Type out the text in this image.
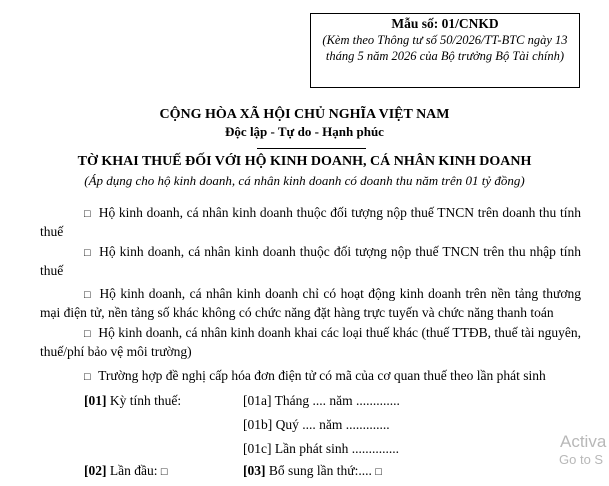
Mẫu số: 01/CNKD
(Kèm theo Thông tư số 50/2026/TT-BTC ngày 13 tháng 5 năm 2026 của Bộ trưởng Bộ Tài chính)
CỘNG HÒA XÃ HỘI CHỦ NGHĨA VIỆT NAM
Độc lập - Tự do - Hạnh phúc
TỜ KHAI THUẾ ĐỐI VỚI HỘ KINH DOANH, CÁ NHÂN KINH DOANH
(Áp dụng cho hộ kinh doanh, cá nhân kinh doanh có doanh thu năm trên 01 tỷ đồng)
□ Hộ kinh doanh, cá nhân kinh doanh thuộc đối tượng nộp thuế TNCN trên doanh thu tính thuế
□ Hộ kinh doanh, cá nhân kinh doanh thuộc đối tượng nộp thuế TNCN trên thu nhập tính thuế
□ Hộ kinh doanh, cá nhân kinh doanh chỉ có hoạt động kinh doanh trên nền tảng thương mại điện tử, nền tảng số khác không có chức năng đặt hàng trực tuyến và chức năng thanh toán
□ Hộ kinh doanh, cá nhân kinh doanh khai các loại thuế khác (thuế TTĐB, thuế tài nguyên, thuế/phí bảo vệ môi trường)
□ Trường hợp đề nghị cấp hóa đơn điện tử có mã của cơ quan thuế theo lần phát sinh
[01] Kỳ tính thuế:	[01a] Tháng .... năm .............
[01b] Quý .... năm .............
[01c] Lần phát sinh ..............
[02] Lần đầu: □	[03] Bổ sung lần thứ:.... □
Activa
Go to S
